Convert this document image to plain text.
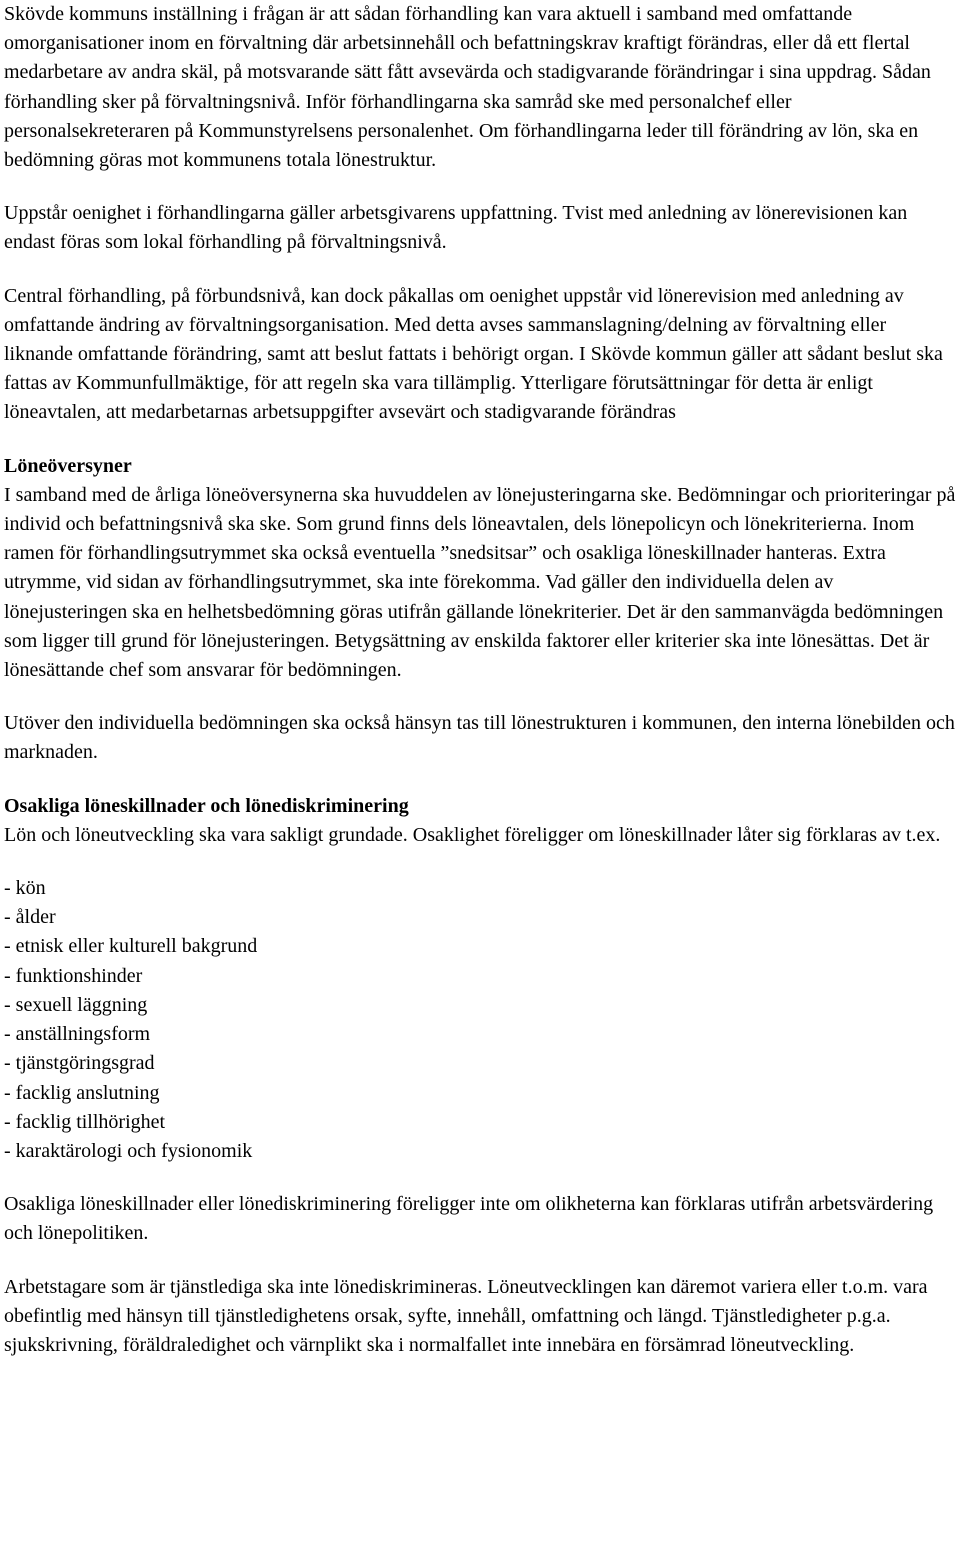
Skövde kommuns inställning i frågan är att sådan förhandling kan vara aktuell i samband med omfattande omorganisationer inom en förvaltning där arbetsinnehåll och befattningskrav kraftigt förändras, eller då ett flertal medarbetare av andra skäl, på motsvarande sätt fått avsevärda och stadigvarande förändringar i sina uppdrag. Sådan förhandling sker på förvaltningsnivå. Inför förhandlingarna ska samråd ske med personalchef eller personalsekreteraren på Kommunstyrelsens personalenhet. Om förhandlingarna leder till förändring av lön, ska en bedömning göras mot kommunens totala lönestruktur.

Uppstår oenighet i förhandlingarna gäller arbetsgivarens uppfattning. Tvist med anledning av lönerevisionen kan endast föras som lokal förhandling på förvaltningsnivå.

Central förhandling, på förbundsnivå, kan dock påkallas om oenighet uppstår vid lönerevision med anledning av omfattande ändring av förvaltningsorganisation. Med detta avses sammanslagning/delning av förvaltning eller liknande omfattande förändring, samt att beslut fattats i behörigt organ. I Skövde kommun gäller att sådant beslut ska fattas av Kommunfullmäktige, för att regeln ska vara tillämplig. Ytterligare förutsättningar för detta är enligt löneavtalen, att medarbetarnas arbetsuppgifter avsevärt och stadigvarande förändras

Löneöversyner

I samband med de årliga löneöversynerna ska huvuddelen av lönejusteringarna ske. Bedömningar och prioriteringar på individ och befattningsnivå ska ske. Som grund finns dels löneavtalen, dels lönepolicyn och lönekriterierna. Inom ramen för förhandlingsutrymmet ska också eventuella ”snedsitsar” och osakliga löneskillnader hanteras. Extra utrymme, vid sidan av förhandlingsutrymmet, ska inte förekomma. Vad gäller den individuella delen av lönejusteringen ska en helhetsbedömning göras utifrån gällande lönekriterier. Det är den sammanvägda bedömningen som ligger till grund för lönejusteringen. Betygsättning av enskilda faktorer eller kriterier ska inte lönesättas. Det är lönesättande chef som ansvarar för bedömningen.

Utöver den individuella bedömningen ska också hänsyn tas till lönestrukturen i kommunen, den interna lönebilden och marknaden.

Osakliga löneskillnader och lönediskriminering

Lön och löneutveckling ska vara sakligt grundade. Osaklighet föreligger om löneskillnader låter sig förklaras av t.ex.

- kön
- ålder
- etnisk eller kulturell bakgrund
- funktionshinder
- sexuell läggning
- anställningsform
- tjänstgöringsgrad
- facklig anslutning
- facklig tillhörighet
- karaktärologi och fysionomik

Osakliga löneskillnader eller lönediskriminering föreligger inte om olikheterna kan förklaras utifrån arbetsvärdering och lönepolitiken.

Arbetstagare som är tjänstlediga ska inte lönediskrimineras. Löneutvecklingen kan däremot variera eller t.o.m. vara obefintlig med hänsyn till tjänstledighetens orsak, syfte, innehåll, omfattning och längd. Tjänstledigheter p.g.a. sjukskrivning, föräldraledighet och värnplikt ska i normalfallet inte innebära en försämrad löneutveckling.
